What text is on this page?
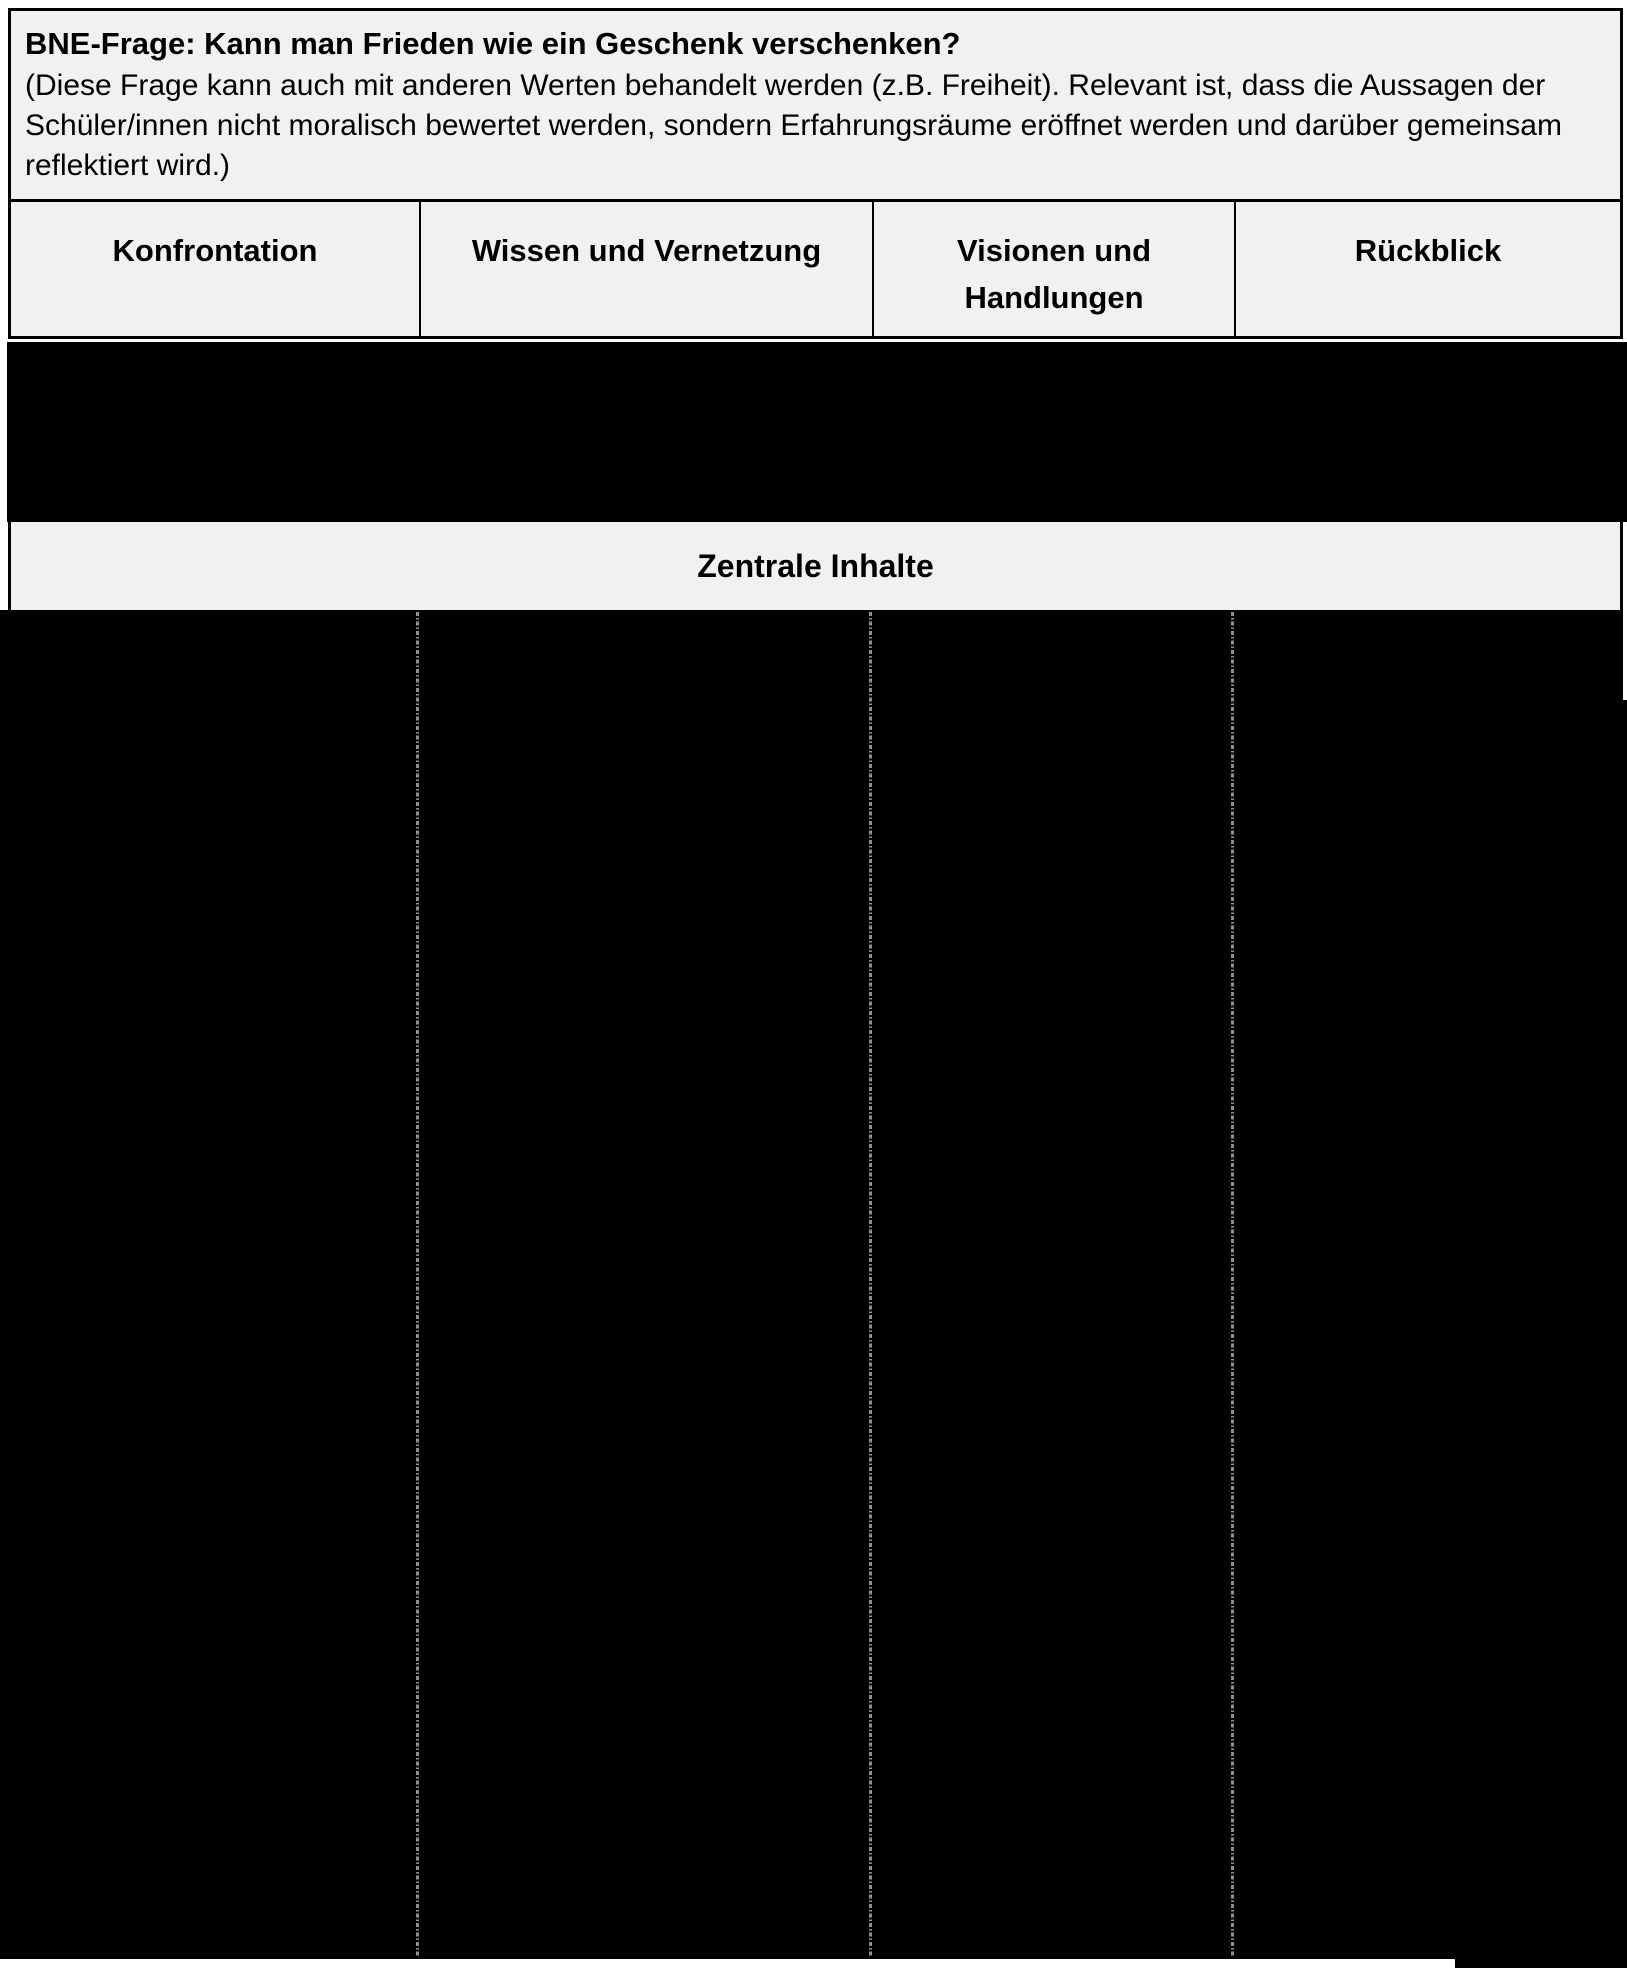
BNE-Frage: Kann man Frieden wie ein Geschenk verschenken?
(Diese Frage kann auch mit anderen Werten behandelt werden (z.B. Freiheit). Relevant ist, dass die Aussagen der Schüler/innen nicht moralisch bewertet werden, sondern Erfahrungsräume eröffnet werden und darüber gemeinsam reflektiert wird.)
Konfrontation	Wissen und Vernetzung	Visionen und Handlungen
Rückblick
Zentrale Inhalte
